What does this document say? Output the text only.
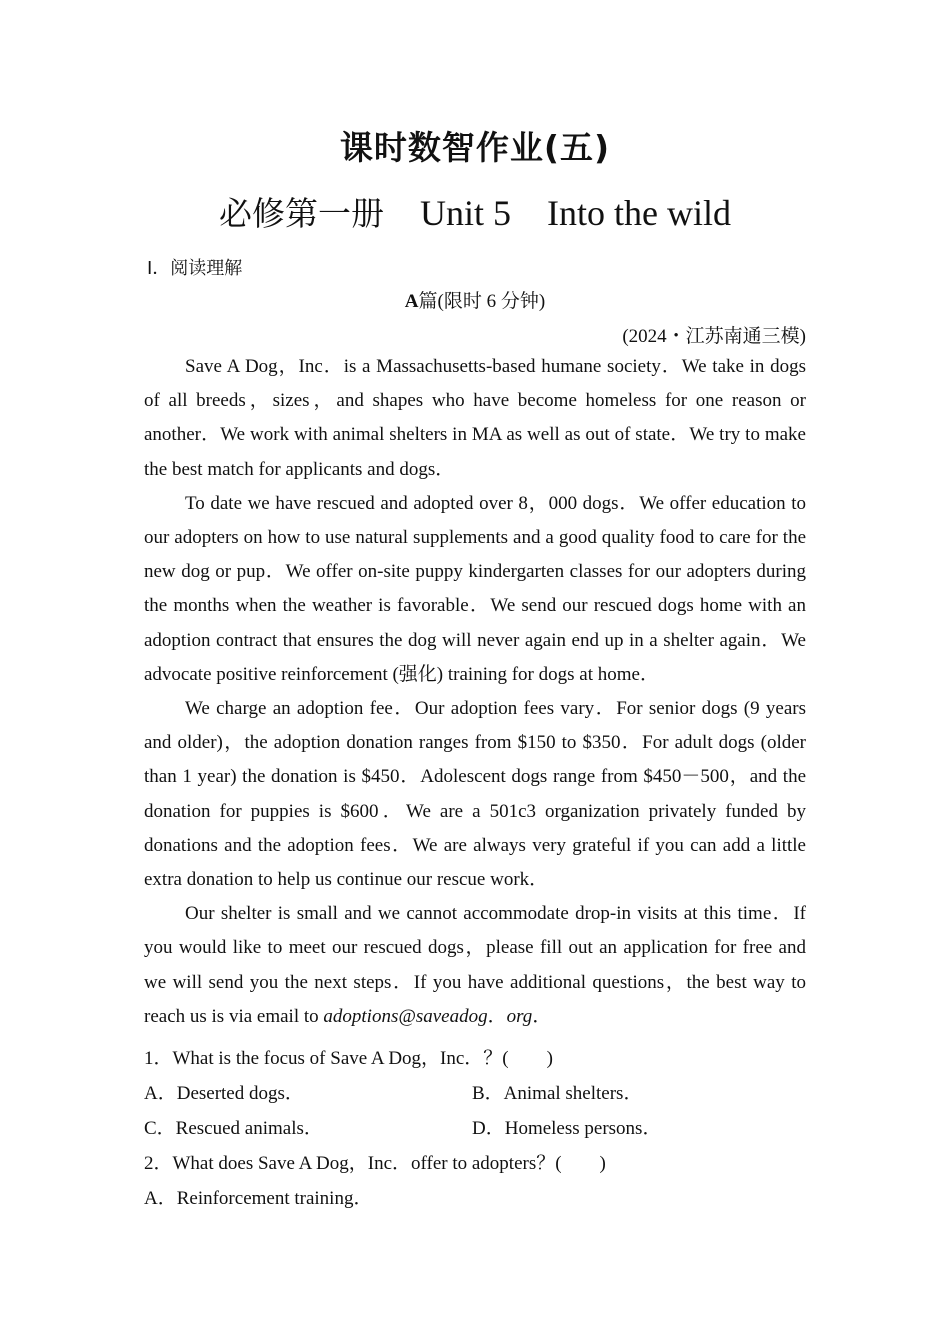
课时数智作业(五)
必修第一册 Unit 5 Into the wild
Ⅰ．阅读理解
A篇(限时 6 分钟)
(2024・江苏南通三模)

Save A Dog，Inc．is a Massachusetts-based humane society．We take in dogs of all breeds，sizes，and shapes who have become homeless for one reason or another．We work with animal shelters in MA as well as out of state．We try to make the best match for applicants and dogs．

To date we have rescued and adopted over 8，000 dogs．We offer education to our adopters on how to use natural supplements and a good quality food to care for the new dog or pup．We offer on-site puppy kindergarten classes for our adopters during the months when the weather is favorable．We send our rescued dogs home with an adoption contract that ensures the dog will never again end up in a shelter again．We advocate positive reinforcement (强化) training for dogs at home．

We charge an adoption fee．Our adoption fees vary．For senior dogs (9 years and older)，the adoption donation ranges from $150 to $350．For adult dogs (older than 1 year) the donation is $450．Adolescent dogs range from $450－500，and the donation for puppies is $600．We are a 501c3 organization privately funded by donations and the adoption fees．We are always very grateful if you can add a little extra donation to help us continue our rescue work．

Our shelter is small and we cannot accommodate drop-in visits at this time．If you would like to meet our rescued dogs，please fill out an application for free and we will send you the next steps．If you have additional questions，the best way to reach us is via email to adoptions@saveadog．org．

1．What is the focus of Save A Dog，Inc．？(　　)
A．Deserted dogs．	B．Animal shelters．
C．Rescued animals．	D．Homeless persons．
2．What does Save A Dog，Inc．offer to adopters？(　　)
A．Reinforcement training．
